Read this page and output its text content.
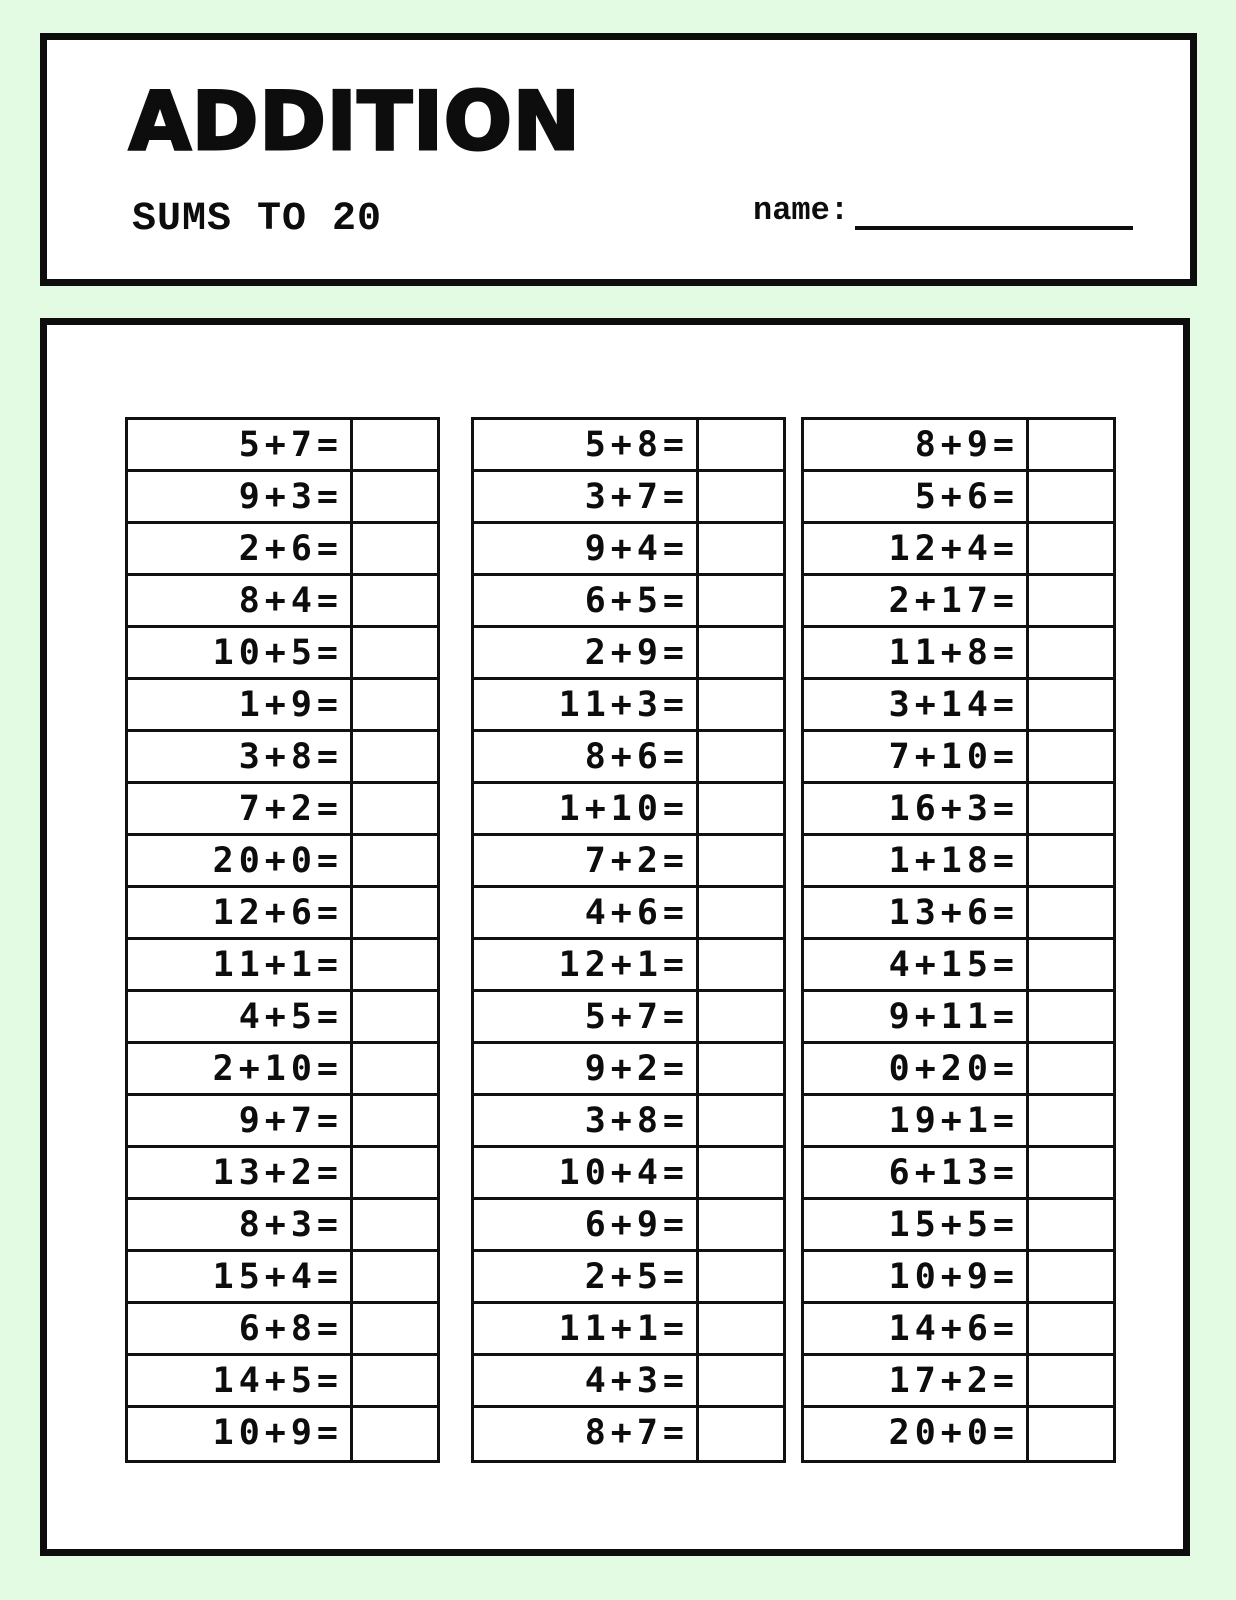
ADDITION
SUMS TO 20	name:
5+7=
9+3=
2+6=
8+4=
10+5=
1+9=
3+8=
7+2=
20+0=
12+6=
11+1=
4+5=
2+10=
9+7=
13+2=
8+3=
15+4=
6+8=
14+5=
10+9=
5+8=
3+7=
9+4=
6+5=
2+9=
11+3=
8+6=
1+10=
7+2=
4+6=
12+1=
5+7=
9+2=
3+8=
10+4=
6+9=
2+5=
11+1=
4+3=
8+7=
8+9=
5+6=
12+4=
2+17=
11+8=
3+14=
7+10=
16+3=
1+18=
13+6=
4+15=
9+11=
0+20=
19+1=
6+13=
15+5=
10+9=
14+6=
17+2=
20+0=
